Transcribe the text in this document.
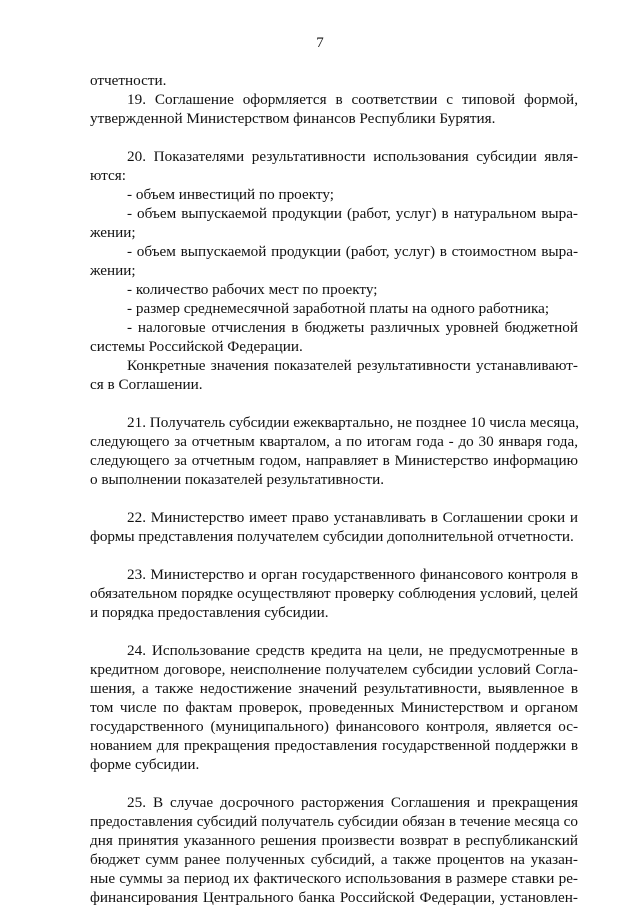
7
отчетности.
19. Соглашение оформляется в соответствии с типовой формой,
утвержденной Министерством финансов Республики Бурятия.
20. Показателями результативности использования субсидии явля-
ются:
- объем инвестиций по проекту;
- объем выпускаемой продукции (работ, услуг) в натуральном выра-
жении;
- объем выпускаемой продукции (работ, услуг) в стоимостном выра-
жении;
- количество рабочих мест по проекту;
- размер среднемесячной заработной платы на одного работника;
- налоговые отчисления в бюджеты различных уровней бюджетной
системы Российской Федерации.
Конкретные значения показателей результативности устанавливают-
ся в Соглашении.
21. Получатель субсидии ежеквартально, не позднее 10 числа месяца,
следующего за отчетным кварталом, а по итогам года - до 30 января года,
следующего за отчетным годом, направляет в Министерство информацию
о выполнении показателей результативности.
22. Министерство имеет право устанавливать в Соглашении сроки и
формы представления получателем субсидии дополнительной отчетности.
23. Министерство и орган государственного финансового контроля в
обязательном порядке осуществляют проверку соблюдения условий, целей
и порядка предоставления субсидии.
24. Использование средств кредита на цели, не предусмотренные в
кредитном договоре, неисполнение получателем субсидии условий Согла-
шения, а также недостижение значений результативности, выявленное в
том числе по фактам проверок, проведенных Министерством и органом
государственного (муниципального) финансового контроля, является ос-
нованием для прекращения предоставления государственной поддержки в
форме субсидии.
25. В случае досрочного расторжения Соглашения и прекращения
предоставления субсидий получатель субсидии обязан в течение месяца со
дня принятия указанного решения произвести возврат в республиканский
бюджет сумм ранее полученных субсидий, а также процентов на указан-
ные суммы за период их фактического использования в размере ставки ре-
финансирования Центрального банка Российской Федерации, установлен-
